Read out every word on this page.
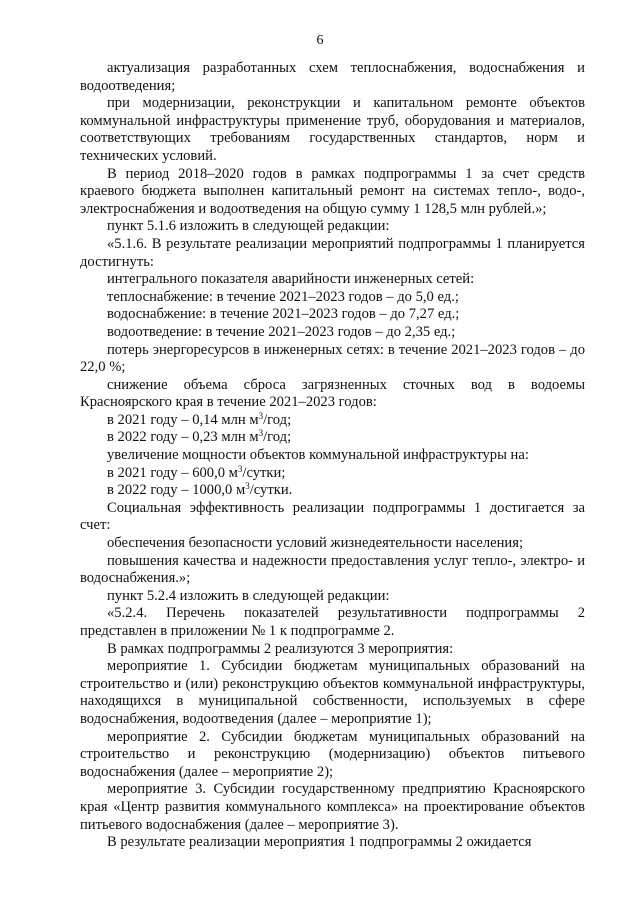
6

актуализация разработанных схем теплоснабжения, водоснабжения и водоотведения;

при модернизации, реконструкции и капитальном ремонте объектов коммунальной инфраструктуры применение труб, оборудования и материалов, соответствующих требованиям государственных стандартов, норм и технических условий.

В период 2018–2020 годов в рамках подпрограммы 1 за счет средств краевого бюджета выполнен капитальный ремонт на системах тепло-, водо-, электроснабжения и водоотведения на общую сумму 1 128,5 млн рублей.»;

пункт 5.1.6 изложить в следующей редакции:

«5.1.6. В результате реализации мероприятий подпрограммы 1 планируется достигнуть:

интегрального показателя аварийности инженерных сетей:

теплоснабжение: в течение 2021–2023 годов – до 5,0 ед.;

водоснабжение: в течение 2021–2023 годов – до 7,27 ед.;

водоотведение: в течение 2021–2023 годов – до 2,35 ед.;

потерь энергоресурсов в инженерных сетях: в течение 2021–2023 годов – до 22,0 %;

снижение объема сброса загрязненных сточных вод в водоемы Красноярского края в течение 2021–2023 годов:

в 2021 году – 0,14 млн $м^3$/год;

в 2022 году – 0,23 млн $м^3$/год;

увеличение мощности объектов коммунальной инфраструктуры на:

в 2021 году – 600,0 $м^3$/сутки;

в 2022 году – 1000,0 $м^3$/сутки.

Социальная эффективность реализации подпрограммы 1 достигается за счет:

обеспечения безопасности условий жизнедеятельности населения;

повышения качества и надежности предоставления услуг тепло-, электро- и водоснабжения.»;

пункт 5.2.4 изложить в следующей редакции:

«5.2.4. Перечень показателей результативности подпрограммы 2 представлен в приложении № 1 к подпрограмме 2.

В рамках подпрограммы 2 реализуются 3 мероприятия:

мероприятие 1. Субсидии бюджетам муниципальных образований на строительство и (или) реконструкцию объектов коммунальной инфраструктуры, находящихся в муниципальной собственности, используемых в сфере водоснабжения, водоотведения (далее – мероприятие 1);

мероприятие 2. Субсидии бюджетам муниципальных образований на строительство и реконструкцию (модернизацию) объектов питьевого водоснабжения (далее – мероприятие 2);

мероприятие 3. Субсидии государственному предприятию Красноярского края «Центр развития коммунального комплекса» на проектирование объектов питьевого водоснабжения (далее – мероприятие 3).

В результате реализации мероприятия 1 подпрограммы 2 ожидается
